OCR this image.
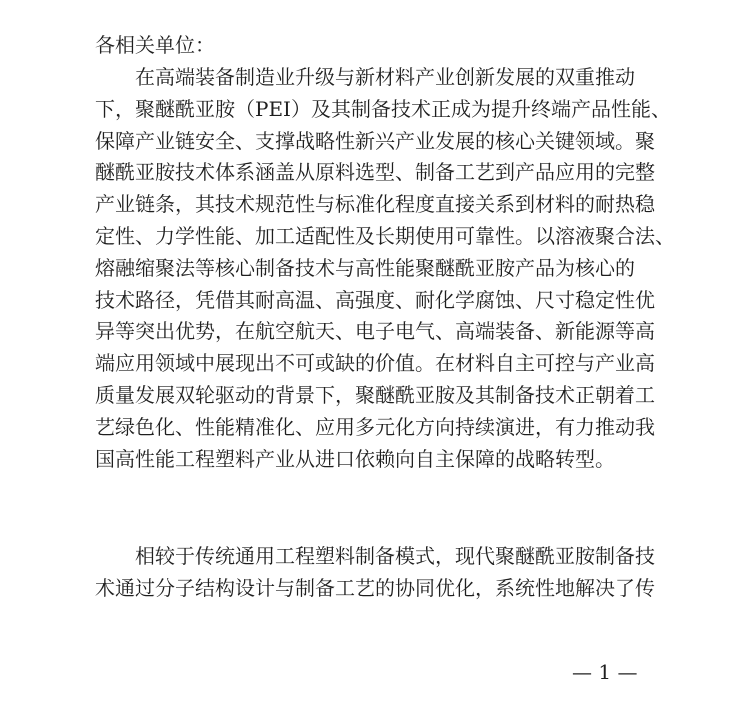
各相关单位：

在高端装备制造业升级与新材料产业创新发展的双重推动
下，聚醚酰亚胺（PEI）及其制备技术正成为提升终端产品性能、
保障产业链安全、支撑战略性新兴产业发展的核心关键领域。聚
醚酰亚胺技术体系涵盖从原料选型、制备工艺到产品应用的完整
产业链条，其技术规范性与标准化程度直接关系到材料的耐热稳
定性、力学性能、加工适配性及长期使用可靠性。以溶液聚合法、
熔融缩聚法等核心制备技术与高性能聚醚酰亚胺产品为核心的
技术路径，凭借其耐高温、高强度、耐化学腐蚀、尺寸稳定性优
异等突出优势，在航空航天、电子电气、高端装备、新能源等高
端应用领域中展现出不可或缺的价值。在材料自主可控与产业高
质量发展双轮驱动的背景下，聚醚酰亚胺及其制备技术正朝着工
艺绿色化、性能精准化、应用多元化方向持续演进，有力推动我
国高性能工程塑料产业从进口依赖向自主保障的战略转型。
相较于传统通用工程塑料制备模式，现代聚醚酰亚胺制备技
术通过分子结构设计与制备工艺的协同优化，系统性地解决了传

— 1 —
